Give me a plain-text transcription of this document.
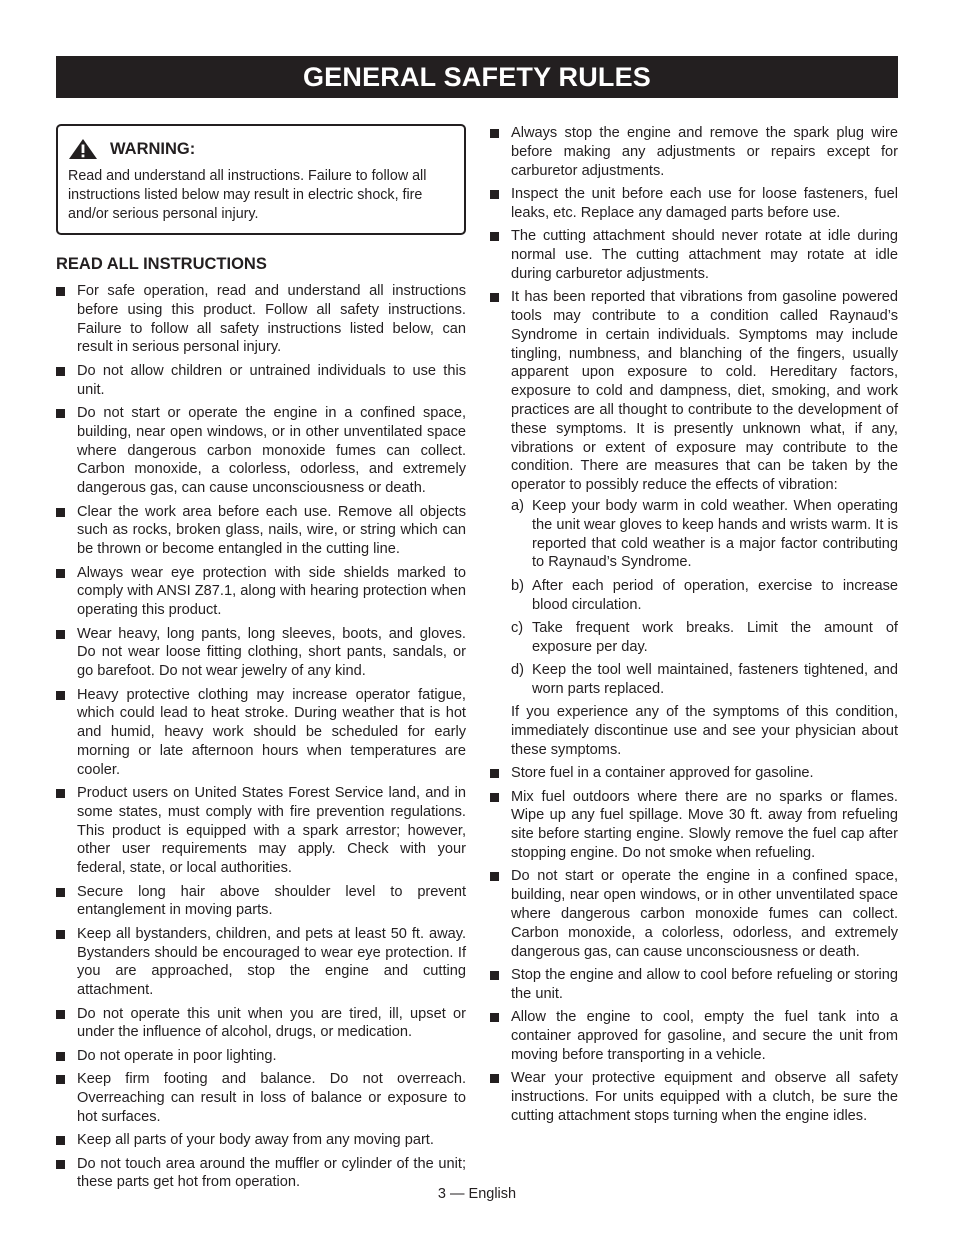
GENERAL SAFETY RULES
WARNING:
Read and understand all instructions. Failure to follow all instructions listed below may result in electric shock, fire and/or serious personal injury.
READ ALL INSTRUCTIONS
For safe operation, read and understand all instructions before using this product. Follow all safety instructions. Failure to follow all safety instructions listed below, can result in serious personal injury.
Do not allow children or untrained individuals to use this unit.
Do not start or operate the engine in a confined space, building, near open windows, or in other unventilated space where dangerous carbon monoxide fumes can collect. Carbon monoxide, a colorless, odorless, and extremely dangerous gas, can cause unconsciousness or death.
Clear the work area before each use. Remove all objects such as rocks, broken glass, nails, wire, or string which can be thrown or become entangled in the cutting line.
Always wear eye protection with side shields marked to comply with ANSI Z87.1, along with hearing protection when operating this product.
Wear heavy, long pants, long sleeves, boots, and gloves. Do not wear loose fitting clothing, short pants, sandals, or go barefoot. Do not wear jewelry of any kind.
Heavy protective clothing may increase operator fatigue, which could lead to heat stroke. During weather that is hot and humid, heavy work should be scheduled for early morning or late afternoon hours when temperatures are cooler.
Product users on United States Forest Service land, and in some states, must comply with fire prevention regulations. This product is equipped with a spark arrestor; however, other user requirements may apply. Check with your federal, state, or local authorities.
Secure long hair above shoulder level to prevent entanglement in moving parts.
Keep all bystanders, children, and pets at least 50 ft. away. Bystanders should be encouraged to wear eye protection. If you are approached, stop the engine and cutting attachment.
Do not operate this unit when you are tired, ill, upset or under the influence of alcohol, drugs, or medication.
Do not operate in poor lighting.
Keep firm footing and balance. Do not overreach. Overreaching can result in loss of balance or exposure to hot surfaces.
Keep all parts of your body away from any moving part.
Do not touch area around the muffler or cylinder of the unit; these parts get hot from operation.
Always stop the engine and remove the spark plug wire before making any adjustments or repairs except for carburetor adjustments.
Inspect the unit before each use for loose fasteners, fuel leaks, etc. Replace any damaged parts before use.
The cutting attachment should never rotate at idle during normal use. The cutting attachment may rotate at idle during carburetor adjustments.
It has been reported that vibrations from gasoline powered tools may contribute to a condition called Raynaud’s Syndrome in certain individuals. Symptoms may include tingling, numbness, and blanching of the fingers, usually apparent upon exposure to cold. Hereditary factors, exposure to cold and dampness, diet, smoking, and work practices are all thought to contribute to the development of these symptoms. It is presently unknown what, if any, vibrations or extent of exposure may contribute to the condition. There are measures that can be taken by the operator to possibly reduce the effects of vibration:
a) Keep your body warm in cold weather. When operating the unit wear gloves to keep hands and wrists warm. It is reported that cold weather is a major factor contributing to Raynaud’s Syndrome.
b) After each period of operation, exercise to increase blood circulation.
c) Take frequent work breaks. Limit the amount of exposure per day.
d) Keep the tool well maintained, fasteners tightened, and worn parts replaced.
If you experience any of the symptoms of this condition, immediately discontinue use and see your physician about these symptoms.
Store fuel in a container approved for gasoline.
Mix fuel outdoors where there are no sparks or flames. Wipe up any fuel spillage. Move 30 ft. away from refueling site before starting engine. Slowly remove the fuel cap after stopping engine. Do not smoke when refueling.
Do not start or operate the engine in a confined space, building, near open windows, or in other unventilated space where dangerous carbon monoxide fumes can collect. Carbon monoxide, a colorless, odorless, and extremely dangerous gas, can cause unconsciousness or death.
Stop the engine and allow to cool before refueling or storing the unit.
Allow the engine to cool, empty the fuel tank into a container approved for gasoline, and secure the unit from moving before transporting in a vehicle.
Wear your protective equipment and observe all safety instructions. For units equipped with a clutch, be sure the cutting attachment stops turning when the engine idles.
3 — English
